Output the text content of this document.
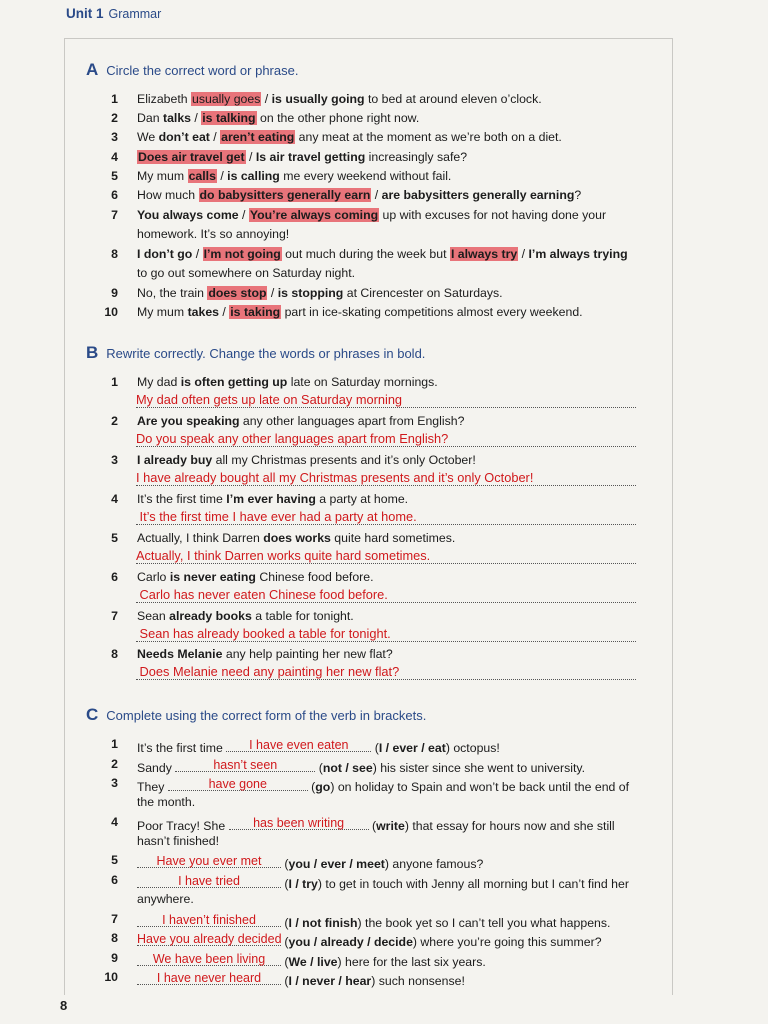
Unit 1 Grammar
A Circle the correct word or phrase.
1 Elizabeth usually goes / is usually going to bed at around eleven o’clock.
2 Dan talks / is talking on the other phone right now.
3 We don’t eat / aren’t eating any meat at the moment as we’re both on a diet.
4 Does air travel get / Is air travel getting increasingly safe?
5 My mum calls / is calling me every weekend without fail.
6 How much do babysitters generally earn / are babysitters generally earning?
7 You always come / You’re always coming up with excuses for not having done your
homework. It’s so annoying!
8 I don’t go / I’m not going out much during the week but I always try / I’m always trying
to go out somewhere on Saturday night.
9 No, the train does stop / is stopping at Cirencester on Saturdays.
10 My mum takes / is taking part in ice-skating competitions almost every weekend.
B Rewrite correctly. Change the words or phrases in bold.
1 My dad is often getting up late on Saturday mornings.
My dad often gets up late on Saturday morning
2 Are you speaking any other languages apart from English?
Do you speak any other languages apart from English?
3 I already buy all my Christmas presents and it’s only October!
I have already bought all my Christmas presents and it’s only October!
4 It’s the first time I’m ever having a party at home.
It’s the first time I have ever had a party at home.
5 Actually, I think Darren does works quite hard sometimes.
Actually, I think Darren works quite hard sometimes.
6 Carlo is never eating Chinese food before.
Carlo has never eaten Chinese food before.
7 Sean already books a table for tonight.
Sean has already booked a table for tonight.
8 Needs Melanie any help painting her new flat?
Does Melanie need any painting her new flat?
C Complete using the correct form of the verb in brackets.
1 It’s the first time	I have even eaten	(I / ever / eat) octopus!
2 Sandy	hasn’t seen	(not / see) his sister since she went to university.
3 They	have gone	(go) on holiday to Spain and won’t be back until the end of
the month.
4 Poor Tracy! She	has been writing	(write) that essay for hours now and she still
hasn’t finished!
5	Have you ever met	(you / ever / meet) anyone famous?
6	I have tried	(I / try) to get in touch with Jenny all morning but I can’t find her
anywhere.
7	I haven’t finished	(I / not finish) the book yet so I can’t tell you what happens.
8 Have you already decided (you / already / decide) where you’re going this summer?
9	We have been living	(We / live) here for the last six years.
10	I have never heard	(I / never / hear) such nonsense!
8
